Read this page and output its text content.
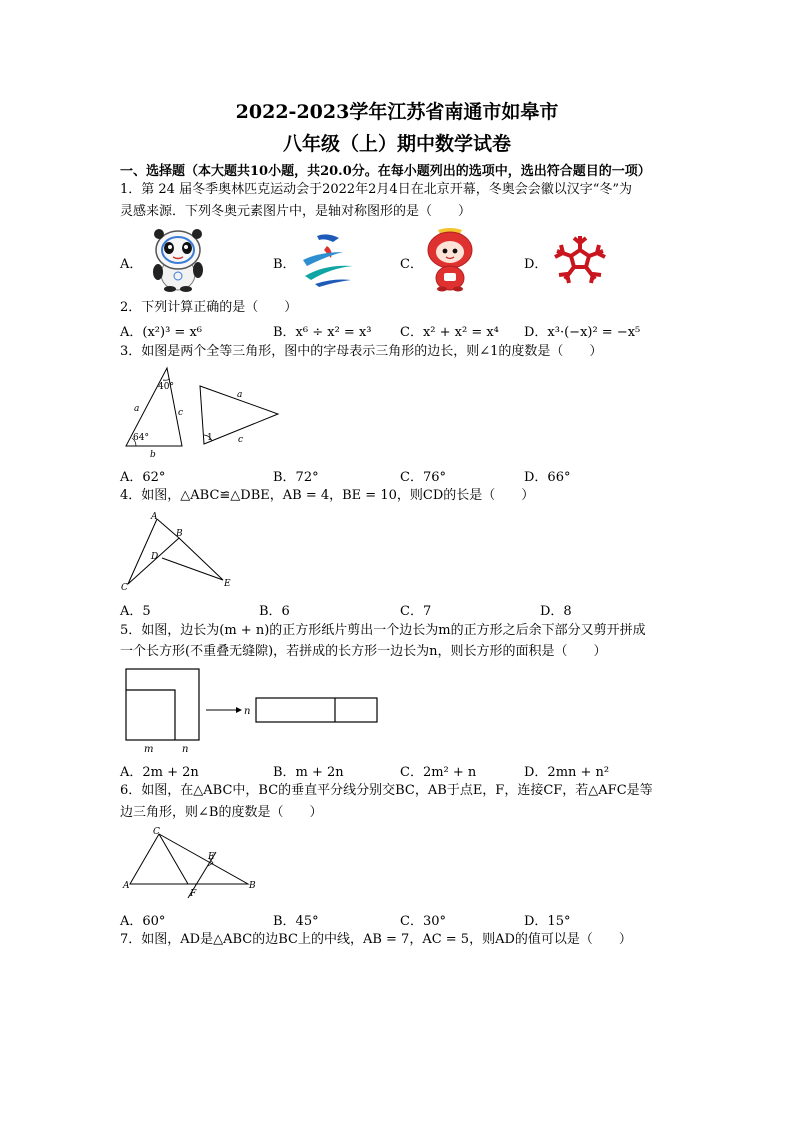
2022-2023学年江苏省南通市如皋市
八年级（上）期中数学试卷
一、选择题（本大题共10小题，共20.0分。在每小题列出的选项中，选出符合题目的一项）
1．第 24 届冬季奥林匹克运动会于2022年2月4日在北京开幕，冬奥会会徽以汉字“冬”为
灵感来源．下列冬奥元素图片中，是轴对称图形的是（　　）
A．	B．	C．	D．
2．下列计算正确的是（　　）
A．(x²)³ = x⁶	B．x⁶ ÷ x² = x³ C．x² + x² = x⁴ D．x³·(−x)² = −x⁵
3．如图是两个全等三角形，图中的字母表示三角形的边长，则∠1的度数是（　　）
40°
64°
a	c
b
a
c
1
A．62°	B．72°	C．76°	D．66°
4．如图，△ABC≌△DBE，AB = 4，BE = 10，则CD的长是（　　）
A
B
D
C	E
A．5	B．6	C．7	D．8
5．如图，边长为(m + n)的正方形纸片剪出一个边长为m的正方形之后余下部分又剪开拼成
一个长方形(不重叠无缝隙)，若拼成的长方形一边长为n，则长方形的面积是（　　）
n
m	n
A．2m + 2n	B．m + 2n	C．2m² + n	D．2mn + n²
6．如图，在△ABC中，BC的垂直平分线分别交BC，AB于点E，F，连接CF，若△AFC是等
边三角形，则∠B的度数是（　　）
A
C
E
F
B
A．60°	B．45°	C．30°	D．15°
7．如图，AD是△ABC的边BC上的中线，AB = 7，AC = 5，则AD的值可以是（　　）
